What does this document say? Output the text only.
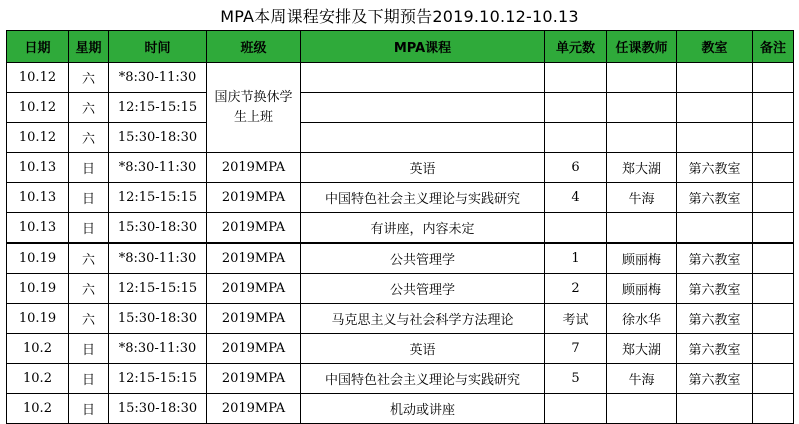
MPA本周课程安排及下期预告2019.10.12-10.13
日期	星期	时间	班级	MPA课程	单元数	任课教师	教室	备注
10.12	六	*8:30-11:30	国庆节换休学生上班					
10.12	六	12:15-15:15						
10.12	六	15:30-18:30						
10.13	日	*8:30-11:30	2019MPA	英语	6	郑大湖	第六教室	
10.13	日	12:15-15:15	2019MPA	中国特色社会主义理论与实践研究	4	牛海	第六教室	
10.13	日	15:30-18:30	2019MPA	有讲座，内容未定				
10.19	六	*8:30-11:30	2019MPA	公共管理学	1	顾丽梅	第六教室	
10.19	六	12:15-15:15	2019MPA	公共管理学	2	顾丽梅	第六教室	
10.19	六	15:30-18:30	2019MPA	马克思主义与社会科学方法理论	考试	徐水华	第六教室	
10.2	日	*8:30-11:30	2019MPA	英语	7	郑大湖	第六教室	
10.2	日	12:15-15:15	2019MPA	中国特色社会主义理论与实践研究	5	牛海	第六教室	
10.2	日	15:30-18:30	2019MPA	机动或讲座				
